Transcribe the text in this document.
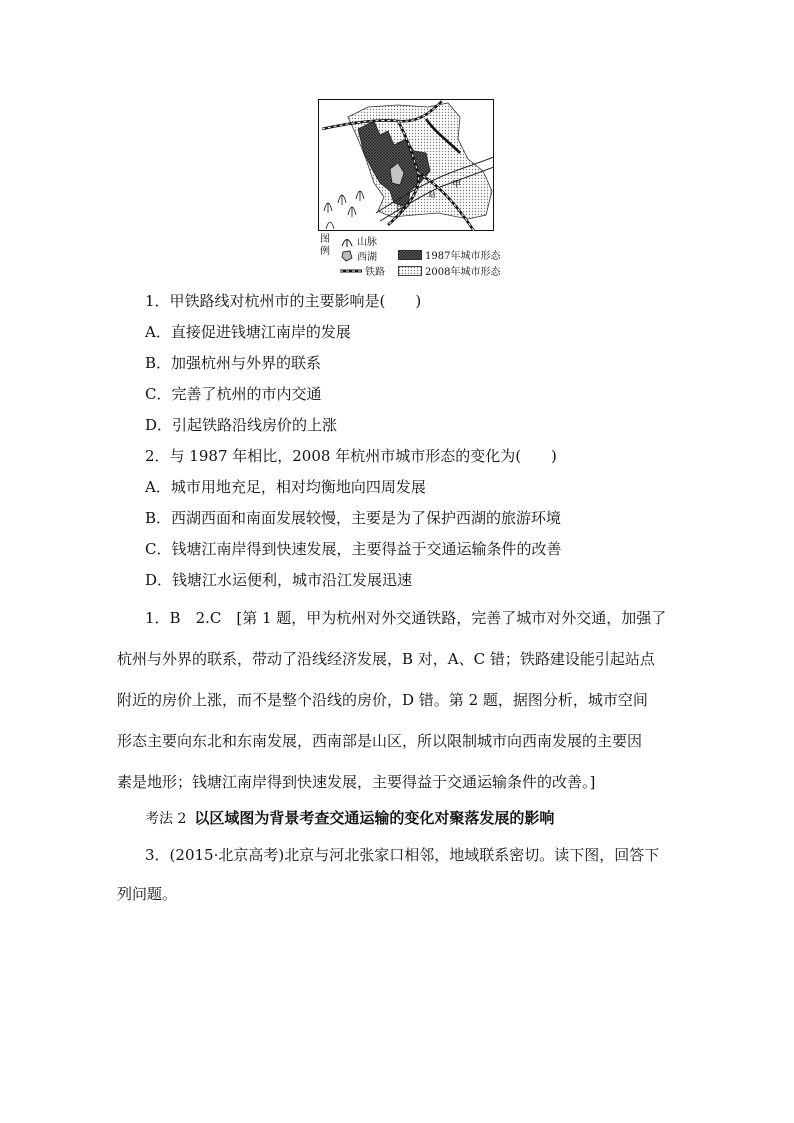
甲
站
钱
图例
山脉
西湖
铁路
1987年城市形态
2008年城市形态
1．甲铁路线对杭州市的主要影响是(　　)
A．直接促进钱塘江南岸的发展
B．加强杭州与外界的联系
C．完善了杭州的市内交通
D．引起铁路沿线房价的上涨
2．与 1987 年相比，2008 年杭州市城市形态的变化为(　　)
A．城市用地充足，相对均衡地向四周发展
B．西湖西面和南面发展较慢，主要是为了保护西湖的旅游环境
C．钱塘江南岸得到快速发展，主要得益于交通运输条件的改善
D．钱塘江水运便利，城市沿江发展迅速
1．B　2.C　[第 1 题，甲为杭州对外交通铁路，完善了城市对外交通，加强了
杭州与外界的联系，带动了沿线经济发展，B 对，A、C 错；铁路建设能引起站点
附近的房价上涨，而不是整个沿线的房价，D 错。第 2 题，据图分析，城市空间
形态主要向东北和东南发展，西南部是山区，所以限制城市向西南发展的主要因
素是地形；钱塘江南岸得到快速发展，主要得益于交通运输条件的改善。]
考法 2 以区域图为背景考查交通运输的变化对聚落发展的影响
3．(2015·北京高考)北京与河北张家口相邻，地域联系密切。读下图，回答下
列问题。
